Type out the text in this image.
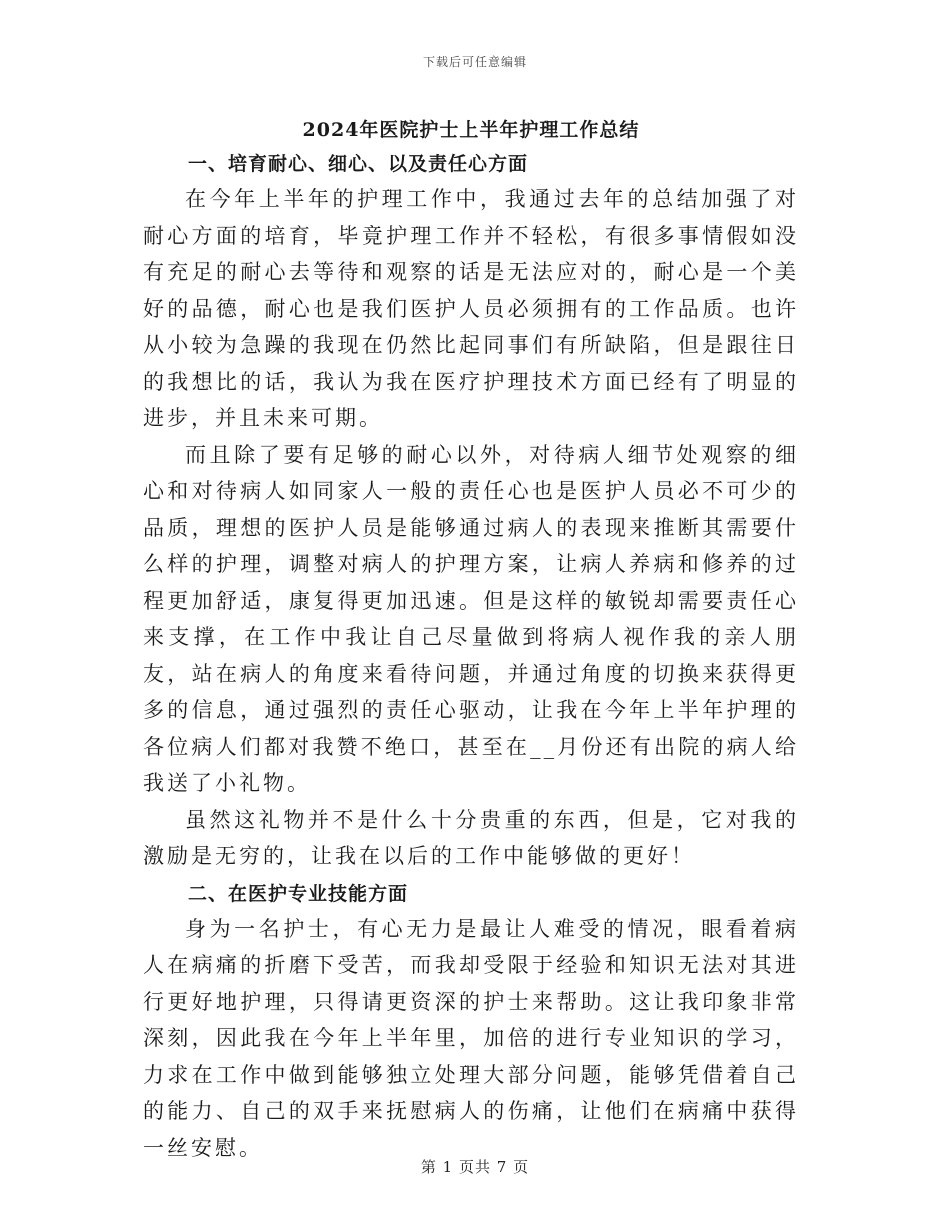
下载后可任意编辑
2024年医院护士上半年护理工作总结
一、培育耐心、细心、以及责任心方面

在今年上半年的护理工作中，我通过去年的总结加强了对耐心方面的培育，毕竟护理工作并不轻松，有很多事情假如没有充足的耐心去等待和观察的话是无法应对的，耐心是一个美好的品德，耐心也是我们医护人员必须拥有的工作品质。也许从小较为急躁的我现在仍然比起同事们有所缺陷，但是跟往日的我想比的话，我认为我在医疗护理技术方面已经有了明显的进步，并且未来可期。

而且除了要有足够的耐心以外，对待病人细节处观察的细心和对待病人如同家人一般的责任心也是医护人员必不可少的品质，理想的医护人员是能够通过病人的表现来推断其需要什么样的护理，调整对病人的护理方案，让病人养病和修养的过程更加舒适，康复得更加迅速。但是这样的敏锐却需要责任心来支撑，在工作中我让自己尽量做到将病人视作我的亲人朋友，站在病人的角度来看待问题，并通过角度的切换来获得更多的信息，通过强烈的责任心驱动，让我在今年上半年护理的各位病人们都对我赞不绝口，甚至在__月份还有出院的病人给我送了小礼物。

虽然这礼物并不是什么十分贵重的东西，但是，它对我的激励是无穷的，让我在以后的工作中能够做的更好！

二、在医护专业技能方面

身为一名护士，有心无力是最让人难受的情况，眼看着病人在病痛的折磨下受苦，而我却受限于经验和知识无法对其进行更好地护理，只得请更资深的护士来帮助。这让我印象非常深刻，因此我在今年上半年里，加倍的进行专业知识的学习，力求在工作中做到能够独立处理大部分问题，能够凭借着自己的能力、自己的双手来抚慰病人的伤痛，让他们在病痛中获得一丝安慰。

第 1 页共 7 页
